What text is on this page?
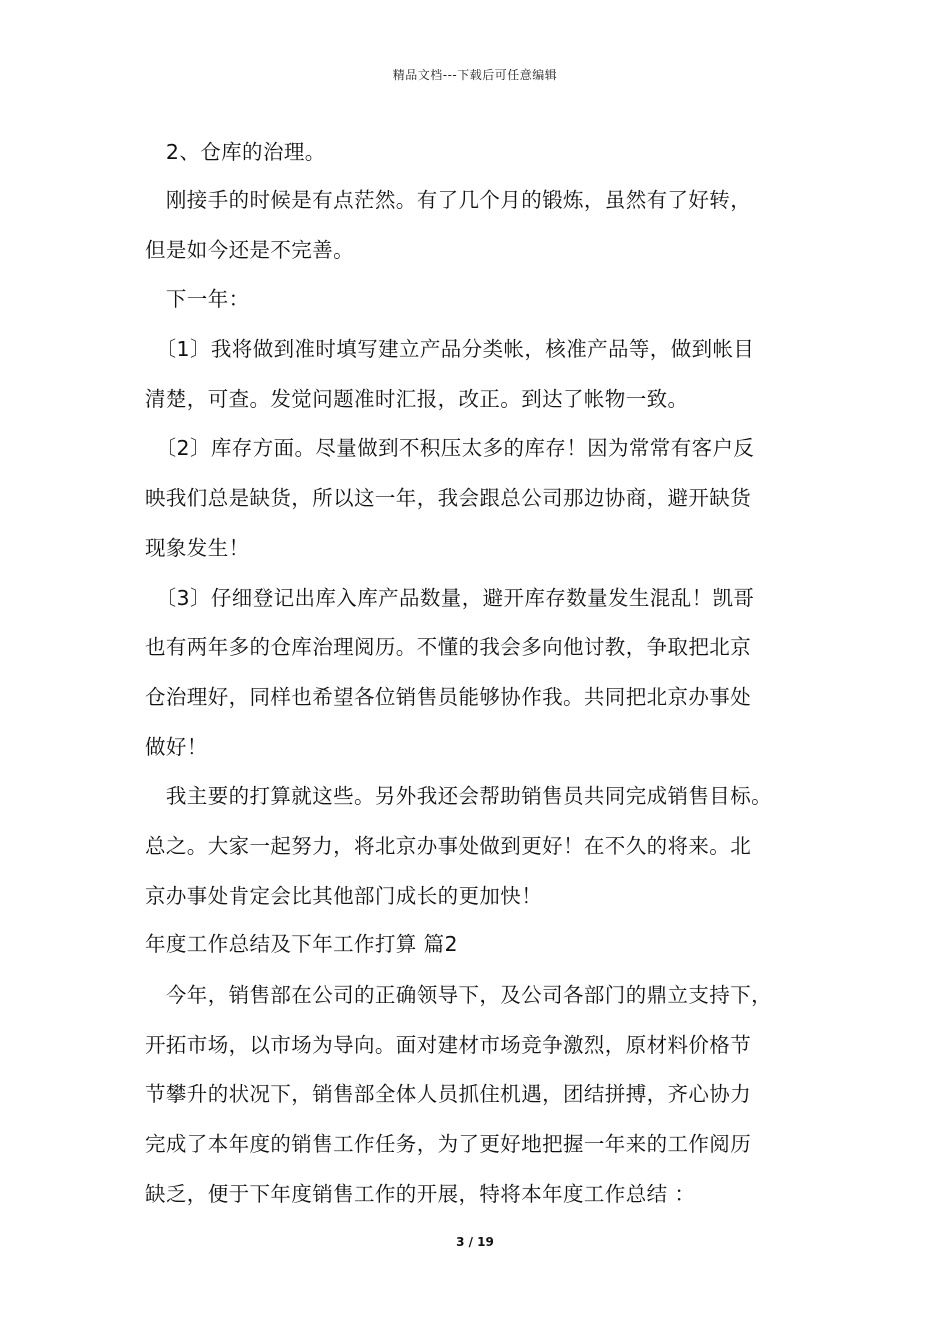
精品文档---下载后可任意编辑
　2、仓库的治理。
　刚接手的时候是有点茫然。有了几个月的锻炼，虽然有了好转，
但是如今还是不完善。
　下一年：
　〔1〕我将做到准时填写建立产品分类帐，核准产品等，做到帐目
清楚，可查。发觉问题准时汇报，改正。到达了帐物一致。
　〔2〕库存方面。尽量做到不积压太多的库存！因为常常有客户反
映我们总是缺货，所以这一年，我会跟总公司那边协商，避开缺货
现象发生！
　〔3〕仔细登记出库入库产品数量，避开库存数量发生混乱！凯哥
也有两年多的仓库治理阅历。不懂的我会多向他讨教，争取把北京
仓治理好，同样也希望各位销售员能够协作我。共同把北京办事处
做好！
　我主要的打算就这些。另外我还会帮助销售员共同完成销售目标。
总之。大家一起努力，将北京办事处做到更好！在不久的将来。北
京办事处肯定会比其他部门成长的更加快！
年度工作总结及下年工作打算 篇2
　今年，销售部在公司的正确领导下，及公司各部门的鼎立支持下，
开拓市场，以市场为导向。面对建材市场竞争激烈，原材料价格节
节攀升的状况下，销售部全体人员抓住机遇，团结拼搏，齐心协力
完成了本年度的销售工作任务，为了更好地把握一年来的工作阅历
缺乏，便于下年度销售工作的开展，特将本年度工作总结 ：
3 / 19
